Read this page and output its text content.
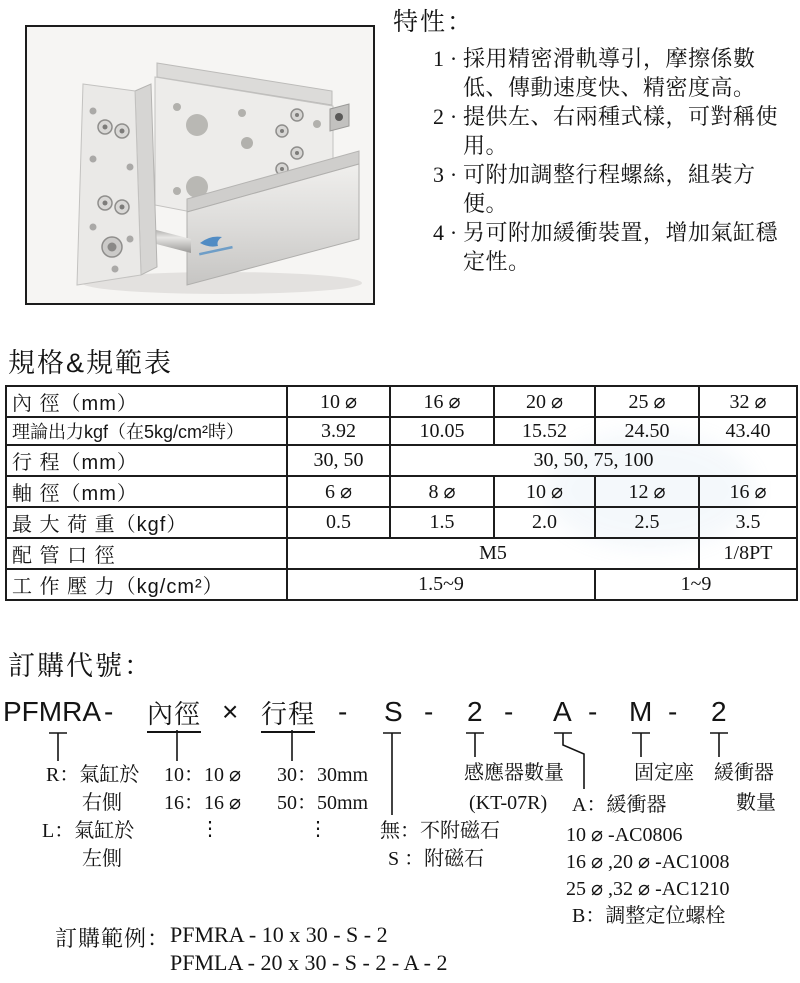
特性：
1 · 採用精密滑軌導引，摩擦係數低、傳動速度快、精密度高。
2 · 提供左、右兩種式樣，可對稱使用。
3 · 可附加調整行程螺絲，組裝方便。
4 · 另可附加緩衝裝置，增加氣缸穩定性。
規格&規範表
內 徑（mm）	10 ⌀	16 ⌀	20 ⌀	25 ⌀	32 ⌀
理論出力kgf（在5kg/cm²時）	3.92	10.05	15.52	24.50	43.40
行 程（mm）	30, 50	30, 50, 75, 100			
軸 徑（mm）	6 ⌀	8 ⌀	10 ⌀	12 ⌀	16 ⌀
最 大 荷 重（kgf）	0.5	1.5	2.0	2.5	3.5
配 管 口 徑	M5				1/8PT
工 作 壓 力（kg/cm²）	1.5~9			1~9	
訂購代號：
PFMRA - 內徑 × 行程 - S - 2 - A - M - 2
R：氣缸於
右側
L：氣缸於
左側
10：10 ⌀
16：16 ⌀
⋮
30：30mm
50：50mm
⋮	無：不附磁石
S ：附磁石
感應器數量
(KT-07R) A：緩衝器
10 ⌀ -AC0806
16 ⌀ ,20 ⌀ -AC1008
25 ⌀ ,32 ⌀ -AC1210
B：調整定位螺栓
固定座 緩衝器
數量
訂購範例： PFMRA - 10 x 30 - S - 2
PFMLA - 20 x 30 - S - 2 - A - 2
